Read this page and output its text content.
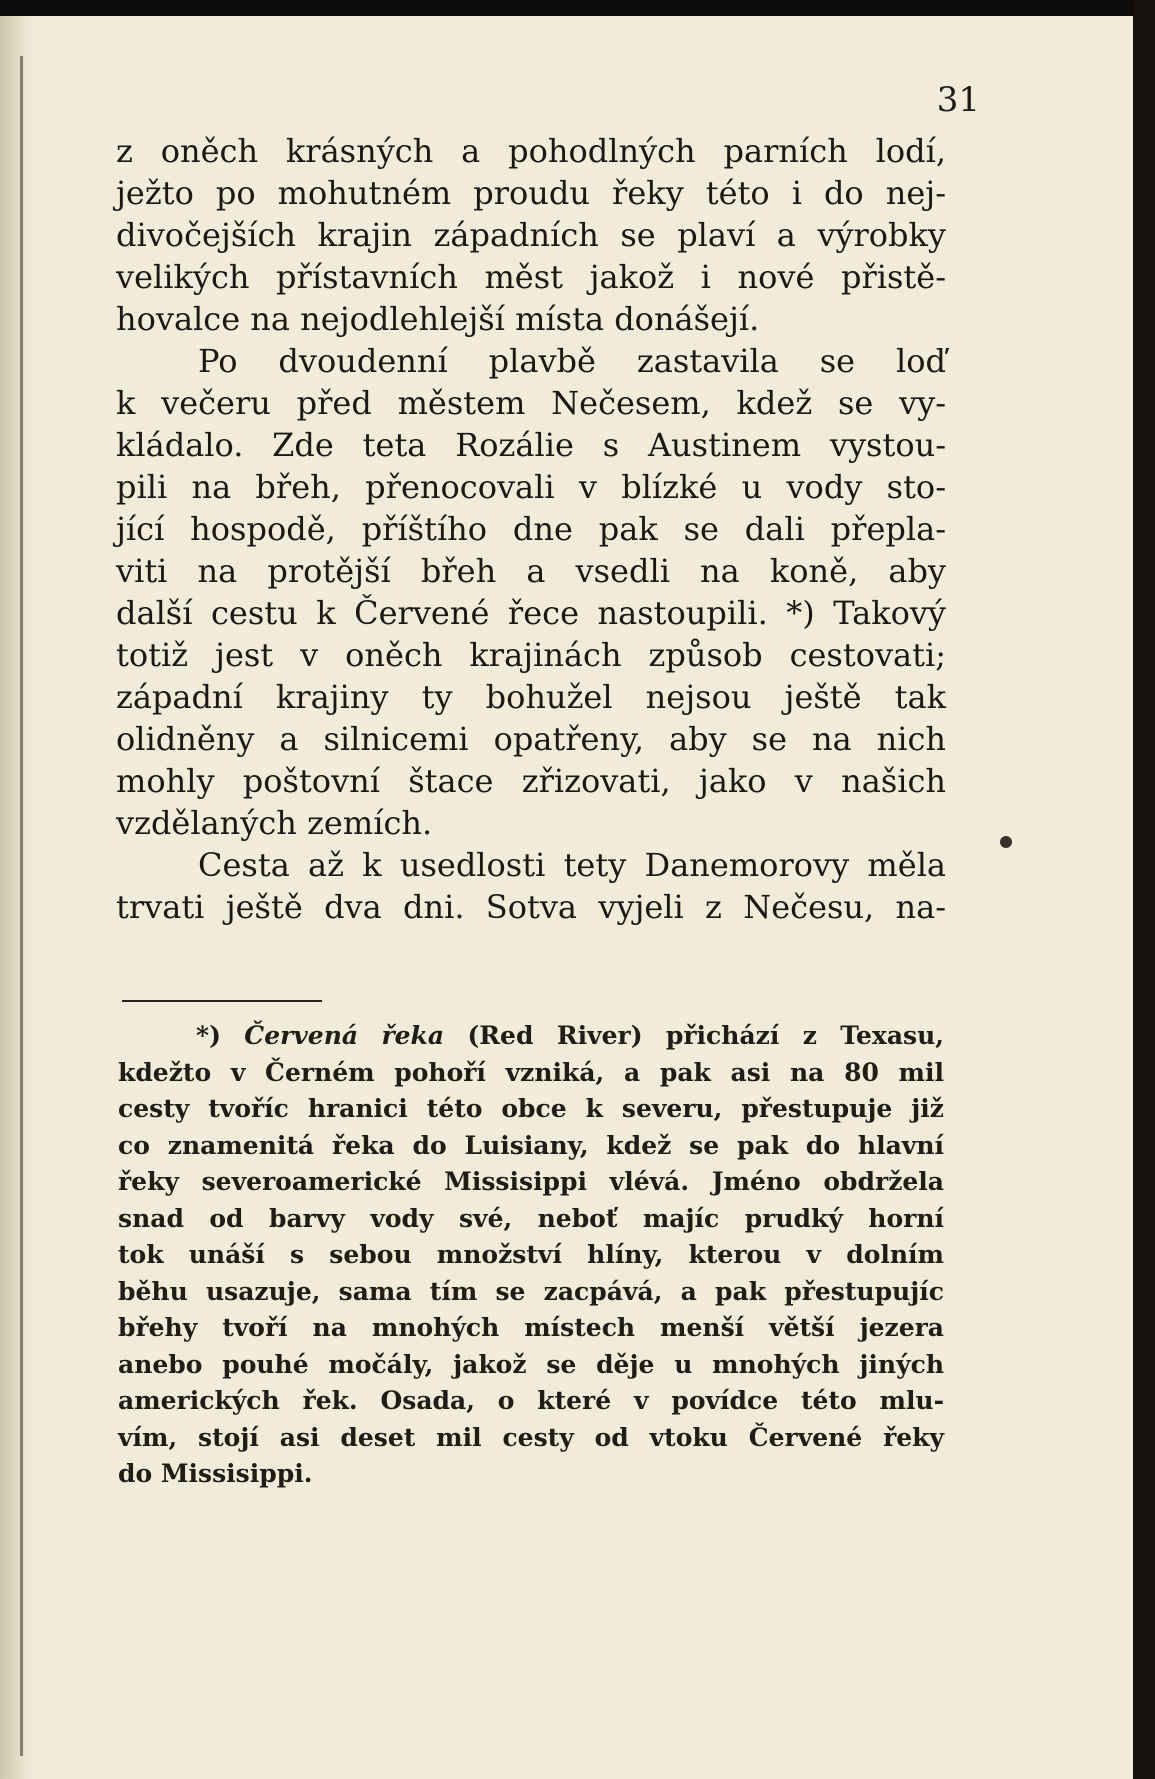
31
z oněch krásných a pohodlných parních lodí,
ježto po mohutném proudu řeky této i do nej-
divočejších krajin západních se plaví a výrobky
velikých přístavních měst jakož i nové přistě-
hovalce na nejodlehlejší místa donášejí.
Po dvoudenní plavbě zastavila se loď
k večeru před městem Nečesem, kdež se vy-
kládalo. Zde teta Rozálie s Austinem vystou-
pili na břeh, přenocovali v blízké u vody sto-
jící hospodě, příštího dne pak se dali přepla-
viti na protější břeh a vsedli na koně, aby
další cestu k Červené řece nastoupili. *) Takový
totiž jest v oněch krajinách způsob cestovati;
západní krajiny ty bohužel nejsou ještě tak
olidněny a silnicemi opatřeny, aby se na nich
mohly poštovní štace zřizovati, jako v našich
vzdělaných zemích.
Cesta až k usedlosti tety Danemorovy měla
trvati ještě dva dni. Sotva vyjeli z Nečesu, na-
*) Červená řeka (Red River) přichází z Texasu,
kdežto v Černém pohoří vzniká, a pak asi na 80 mil
cesty tvoříc hranici této obce k severu, přestupuje již
co znamenitá řeka do Luisiany, kdež se pak do hlavní
řeky severoamerické Missisippi vlévá. Jméno obdržela
snad od barvy vody své, neboť majíc prudký horní
tok unáší s sebou množství hlíny, kterou v dolním
běhu usazuje, sama tím se zacpává, a pak přestupujíc
břehy tvoří na mnohých místech menší větší jezera
anebo pouhé močály, jakož se děje u mnohých jiných
amerických řek. Osada, o které v povídce této mlu-
vím, stojí asi deset mil cesty od vtoku Červené řeky
do Missisippi.
